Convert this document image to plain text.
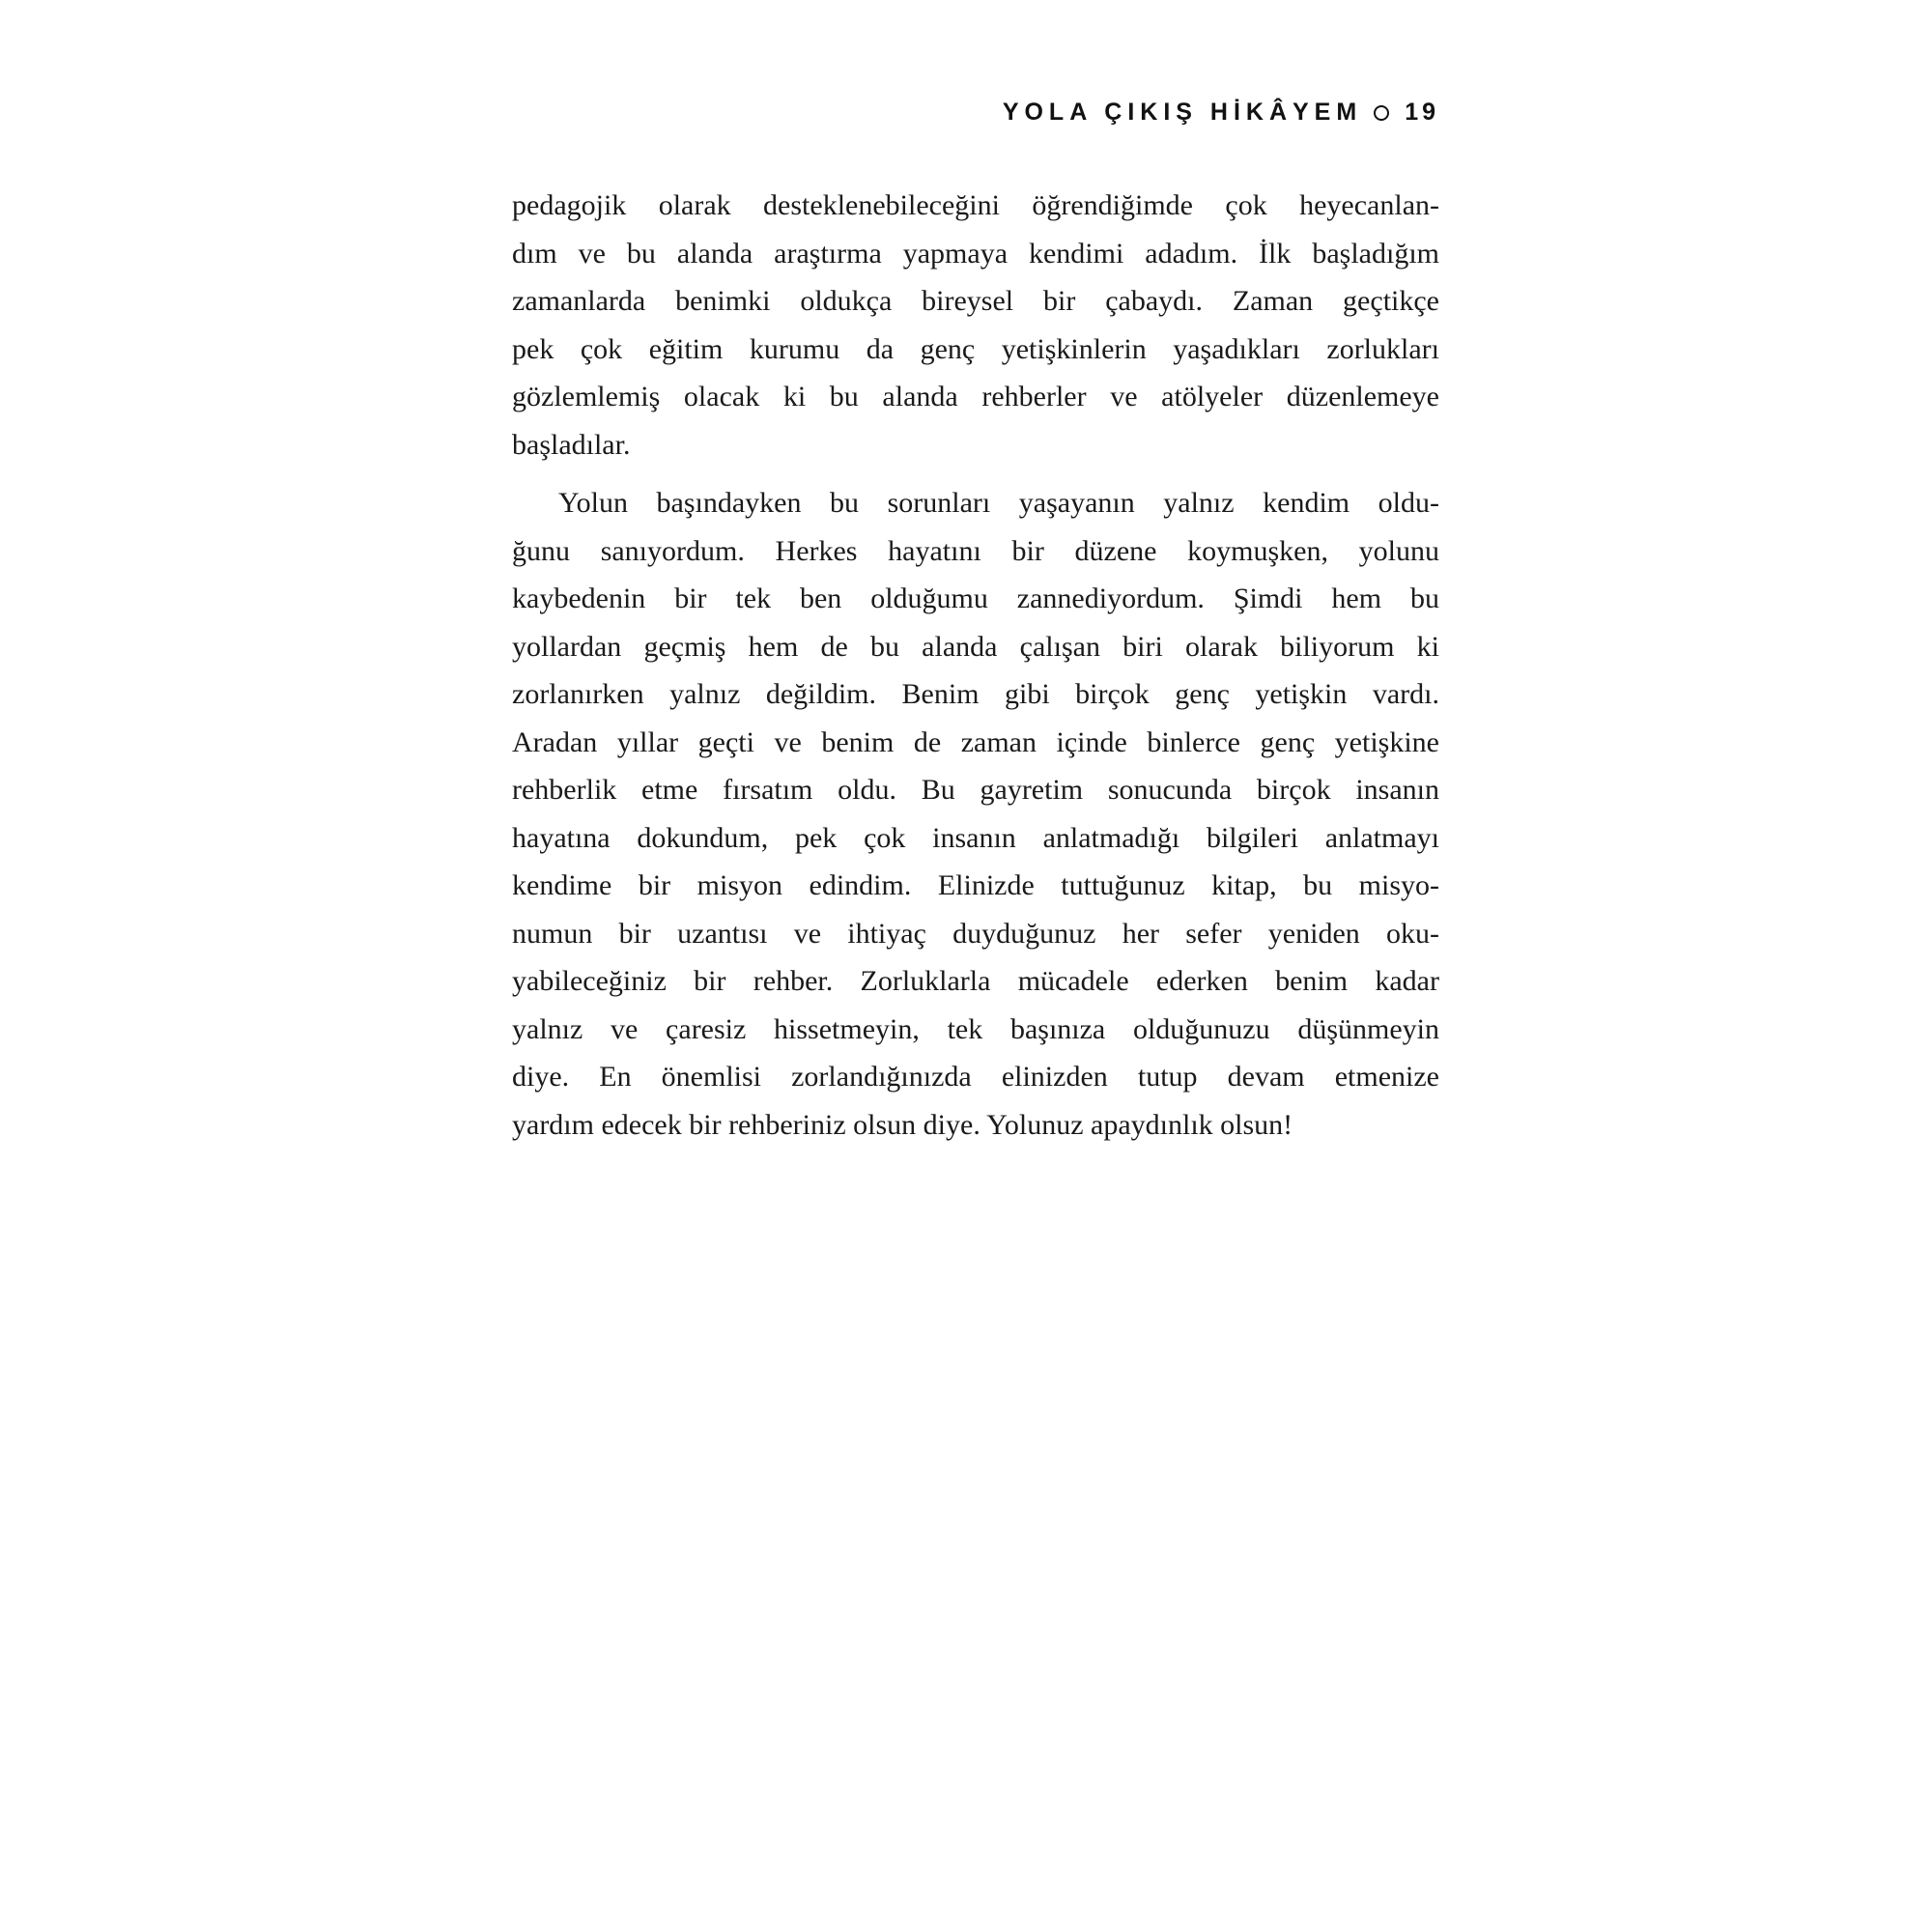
YOLA ÇIKIŞ HİKÂYEM 19
pedagojik olarak desteklenebileceğini öğrendiğimde çok heyecanlan-
dım ve bu alanda araştırma yapmaya kendimi adadım. İlk başladığım
zamanlarda benimki oldukça bireysel bir çabaydı. Zaman geçtikçe
pek çok eğitim kurumu da genç yetişkinlerin yaşadıkları zorlukları
gözlemlemiş olacak ki bu alanda rehberler ve atölyeler düzenlemeye
başladılar.
Yolun başındayken bu sorunları yaşayanın yalnız kendim oldu-
ğunu sanıyordum. Herkes hayatını bir düzene koymuşken, yolunu
kaybedenin bir tek ben olduğumu zannediyordum. Şimdi hem bu
yollardan geçmiş hem de bu alanda çalışan biri olarak biliyorum ki
zorlanırken yalnız değildim. Benim gibi birçok genç yetişkin vardı.
Aradan yıllar geçti ve benim de zaman içinde binlerce genç yetişkine
rehberlik etme fırsatım oldu. Bu gayretim sonucunda birçok insanın
hayatına dokundum, pek çok insanın anlatmadığı bilgileri anlatmayı
kendime bir misyon edindim. Elinizde tuttuğunuz kitap, bu misyo-
numun bir uzantısı ve ihtiyaç duyduğunuz her sefer yeniden oku-
yabileceğiniz bir rehber. Zorluklarla mücadele ederken benim kadar
yalnız ve çaresiz hissetmeyin, tek başınıza olduğunuzu düşünmeyin
diye. En önemlisi zorlandığınızda elinizden tutup devam etmenize
yardım edecek bir rehberiniz olsun diye. Yolunuz apaydınlık olsun!
